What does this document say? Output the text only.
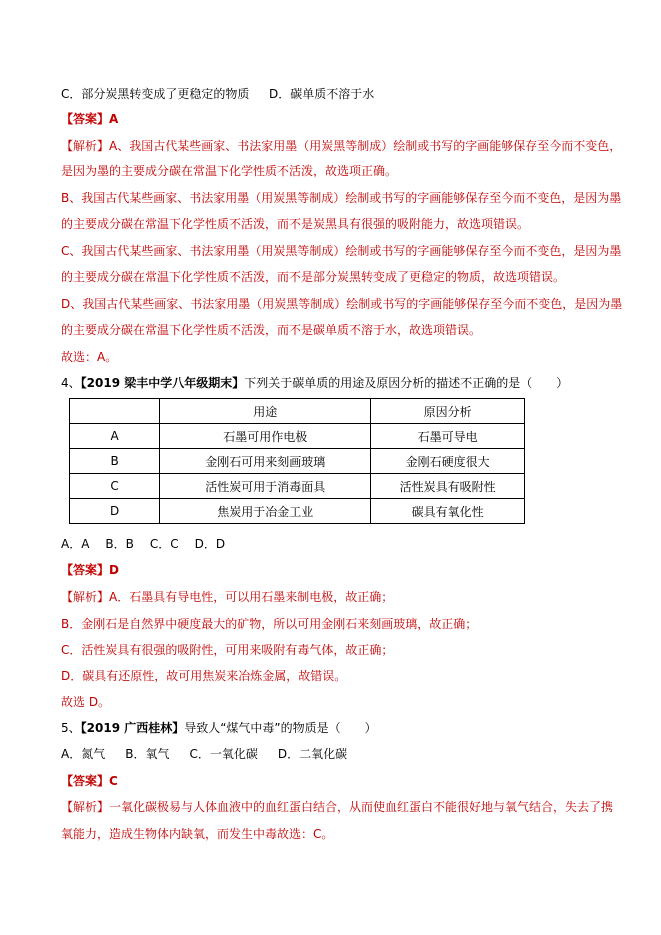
C．部分炭黑转变成了更稳定的物质 D．碳单质不溶于水
【答案】A
【解析】A、我国古代某些画家、书法家用墨（用炭黑等制成）绘制或书写的字画能够保存至今而不变色，
是因为墨的主要成分碳在常温下化学性质不活泼，故选项正确。
B、我国古代某些画家、书法家用墨（用炭黑等制成）绘制或书写的字画能够保存至今而不变色，是因为墨
的主要成分碳在常温下化学性质不活泼，而不是炭黑具有很强的吸附能力，故选项错误。
C、我国古代某些画家、书法家用墨（用炭黑等制成）绘制或书写的字画能够保存至今而不变色，是因为墨
的主要成分碳在常温下化学性质不活泼，而不是部分炭黑转变成了更稳定的物质，故选项错误。
D、我国古代某些画家、书法家用墨（用炭黑等制成）绘制或书写的字画能够保存至今而不变色，是因为墨
的主要成分碳在常温下化学性质不活泼，而不是碳单质不溶于水，故选项错误。
故选：A。
4、【2019 梁丰中学八年级期末】下列关于碳单质的用途及原因分析的描述不正确的是（　　）
	用途	原因分析
A	石墨可用作电极	石墨可导电
B	金刚石可用来刻画玻璃	金刚石硬度很大
C	活性炭可用于消毒面具	活性炭具有吸附性
D	焦炭用于冶金工业	碳具有氧化性
A．A B．B C．C D．D
【答案】D
【解析】A．石墨具有导电性，可以用石墨来制电极，故正确；
B．金刚石是自然界中硬度最大的矿物，所以可用金刚石来刻画玻璃，故正确；
C．活性炭具有很强的吸附性，可用来吸附有毒气体，故正确；
D．碳具有还原性，故可用焦炭来冶炼金属，故错误。
故选 D。
5、【2019 广西桂林】导致人“煤气中毒”的物质是（　　）
A．氮气 B．氧气 C．一氧化碳 D．二氧化碳
【答案】C
【解析】一氧化碳极易与人体血液中的血红蛋白结合，从而使血红蛋白不能很好地与氧气结合，失去了携
氧能力，造成生物体内缺氧，而发生中毒故选：C。
